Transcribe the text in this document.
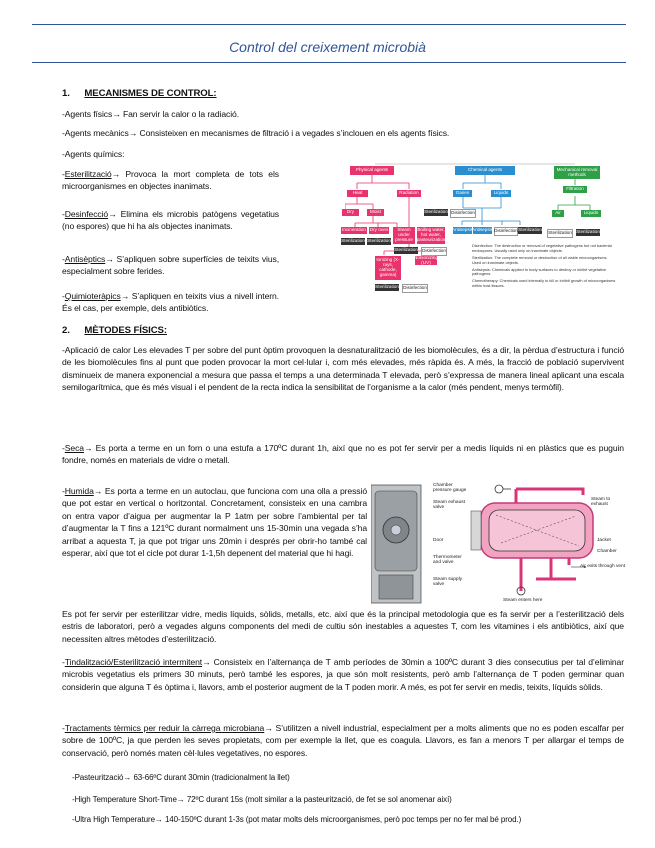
Control del creixement microbià
1. MECANISMES DE CONTROL:
-Agents físics→ Fan servir la calor o la radiació.
-Agents mecànics→ Consisteixen en mecanismes de filtració i a vegades s’inclouen en els agents físics.
-Agents químics:
-Esterilització→ Provoca la mort completa de tots els microorganismes en objectes inanimats.
-Desinfecció→ Elimina els microbis patògens vegetatius (no espores) que hi ha als objectes inanimats.
-Antisèptics→ S’apliquen sobre superfícies de teixits vius, especialment sobre ferides.
-Quimioteràpics→ S’apliquen en teixits vius a nivell intern. És el cas, per exemple, dels antibiòtics.
Physical agents	Chemical agents	Mechanical removal methods
Heat	Radiation
Sterilization Disinfection
Gases	Liquids
Filtration
Dry	Moist	Air	Liquids
Incineration Dry oven	Steam under pressure
Boiling water, hot water, pasteurization
Sterilization Sterilization
Sterilization Disinfection
Sterilization Sterilization
Antisepsis Antisepsis Disinfection Sterilization
Ionizing (X-rays, cathode, gamma)
Nonionizing (UV)
Sterilization Disinfection
Disinfection: The destruction or removal of vegetative pathogens but not bacterial endospores. Usually used only on inanimate objects.
Sterilization: The complete removal or destruction of all viable microorganisms. Used on inanimate objects.
Antisepsis: Chemicals applied to body surfaces to destroy or inhibit vegetative pathogens.
Chemotherapy: Chemicals used internally to kill or inhibit growth of microorganisms within host tissues.
2. MÈTODES FÍSICS:
-Aplicació de calor Les elevades T per sobre del punt òptim provoquen la desnaturalització de les biomolècules, és a dir, la pèrdua d’estructura i funció de les biomolècules fins al punt que poden provocar la mort cel·lular i, com més elevades, més ràpida és. A més, la fracció de població supervivent disminueix de manera exponencial a mesura que passa el temps a una determinada T elevada, però s’expressa de manera lineal aplicant una escala semilogarítmica, que és més visual i el pendent de la recta indica la sensibilitat de l’organisme a la calor (més pendent, menys termòfil).
-Seca→ Es porta a terme en un forn o una estufa a 170ºC durant 1h, així que no es pot fer servir per a medis líquids ni en plàstics que es puguin fondre, només en materials de vidre o metall.
-Humida→ Es porta a terme en un autoclau, que funciona com una olla a pressió que pot estar en vertical o horitzontal. Concretament, consisteix en una cambra on entra vapor d’aigua per augmentar la P 1atm per sobre l’ambiental per tal d’augmentar la T fins a 121ºC durant normalment uns 15-30min una vegada s’ha arribat a aquesta T, ja que pot trigar uns 20min i després per obrir-ho també cal esperar, així que tot el cicle pot durar 1-1,5h depenent del material que hi hagi.
Chamber pressure gauge
Steam exhaust valve
Door
Thermometer and valve
Steam supply valve
Steam enters here
Steam to exhaust
Jacket
Chamber
Air exits through vent
Es pot fer servir per esterilitzar vidre, medis líquids, sòlids, metalls, etc. així que és la principal metodologia que es fa servir per a l’esterilització dels estris de laboratori, però a vegades alguns components del medi de cultiu són inestables a aquestes T, com les vitamines i els antibiòtics, així que necessiten altres mètodes d’esterilització.
-Tindalització/Esterilització intermitent→ Consisteix en l’alternança de T amb períodes de 30min a 100ºC durant 3 dies consecutius per tal d’eliminar microbis vegetatius els primers 30 minuts, però també les espores, ja que són molt resistents, però amb l’alternança de T poden germinar quan considerin que alguna T és òptima i, llavors, amb el posterior augment de la T poden morir. A més, es pot fer servir en medis, teixits, líquids sòlids.
-Tractaments tèrmics per reduir la càrrega microbiana→ S’utilitzen a nivell industrial, especialment per a molts aliments que no es poden escalfar per sobre de 100ºC, ja que perden les seves propietats, com per exemple la llet, que es coagula. Llavors, es fan a menors T per allargar el temps de conservació, però només maten cèl·lules vegetatives, no espores.
-Pasteurització→ 63-66ºC durant 30min (tradicionalment la llet)
-High Temperature Short-Time→ 72ºC durant 15s (molt similar a la pasteurització, de fet se sol anomenar així)
-Ultra High Temperature→ 140-150ºC durant 1-3s (pot matar molts dels microorganismes, però poc temps per no fer mal bé prod.)
